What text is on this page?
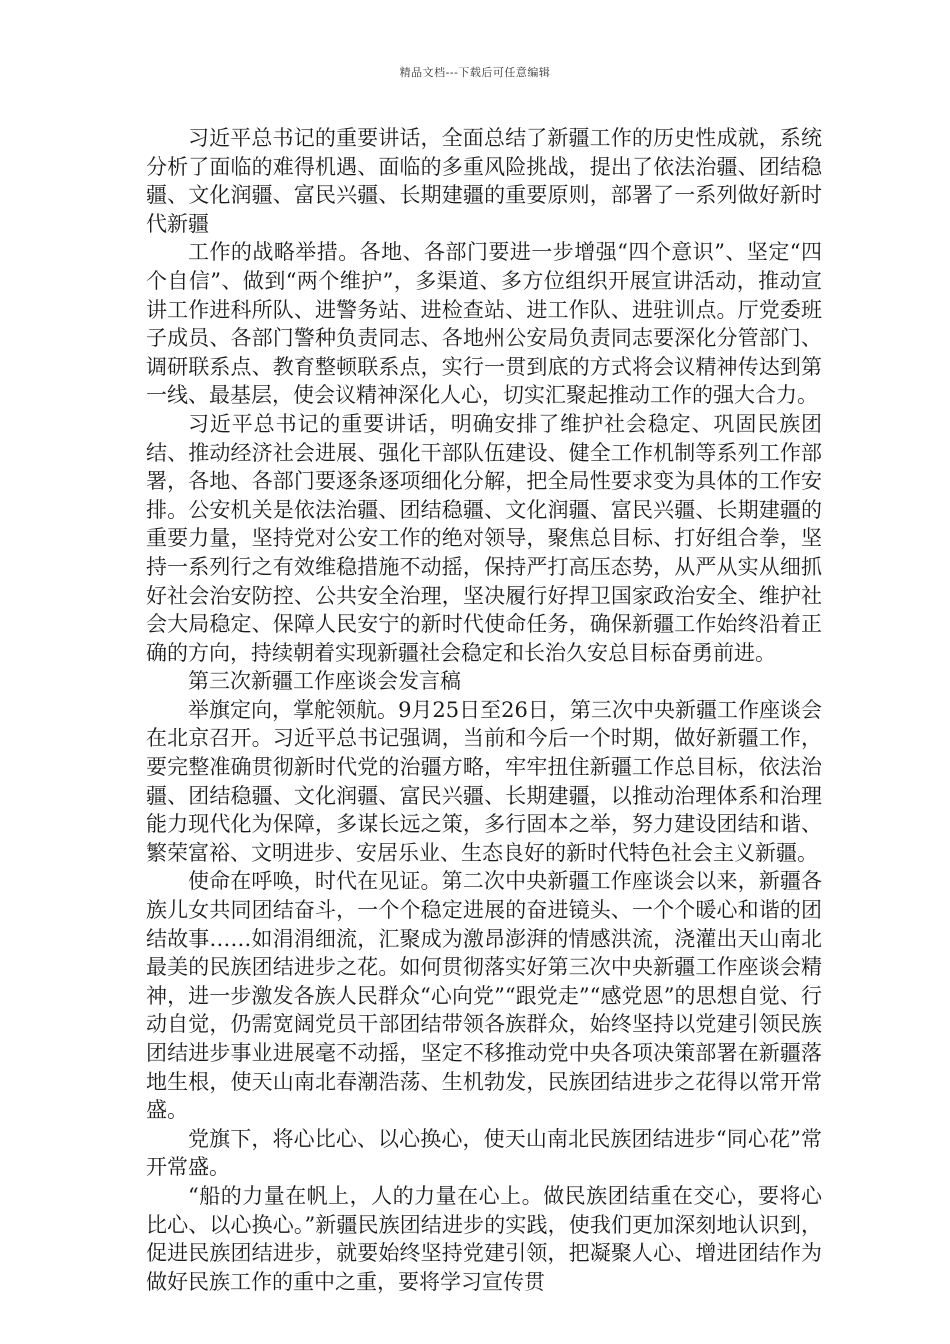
精品文档---下载后可任意编辑

习近平总书记的重要讲话，全面总结了新疆工作的历史性成就，系统分析了面临的难得机遇、面临的多重风险挑战，提出了依法治疆、团结稳疆、文化润疆、富民兴疆、长期建疆的重要原则，部署了一系列做好新时代新疆

工作的战略举措。各地、各部门要进一步增强“四个意识”、坚定“四个自信”、做到“两个维护”，多渠道、多方位组织开展宣讲活动，推动宣讲工作进科所队、进警务站、进检查站、进工作队、进驻训点。厅党委班子成员、各部门警种负责同志、各地州公安局负责同志要深化分管部门、调研联系点、教育整顿联系点，实行一贯到底的方式将会议精神传达到第一线、最基层，使会议精神深化人心，切实汇聚起推动工作的强大合力。

习近平总书记的重要讲话，明确安排了维护社会稳定、巩固民族团结、推动经济社会进展、强化干部队伍建设、健全工作机制等系列工作部署，各地、各部门要逐条逐项细化分解，把全局性要求变为具体的工作安排。公安机关是依法治疆、团结稳疆、文化润疆、富民兴疆、长期建疆的重要力量，坚持党对公安工作的绝对领导，聚焦总目标、打好组合拳，坚持一系列行之有效维稳措施不动摇，保持严打高压态势，从严从实从细抓好社会治安防控、公共安全治理，坚决履行好捍卫国家政治安全、维护社会大局稳定、保障人民安宁的新时代使命任务，确保新疆工作始终沿着正确的方向，持续朝着实现新疆社会稳定和长治久安总目标奋勇前进。

第三次新疆工作座谈会发言稿

举旗定向，掌舵领航。9月25日至26日，第三次中央新疆工作座谈会在北京召开。习近平总书记强调，当前和今后一个时期，做好新疆工作，要完整准确贯彻新时代党的治疆方略，牢牢扭住新疆工作总目标，依法治疆、团结稳疆、文化润疆、富民兴疆、长期建疆，以推动治理体系和治理能力现代化为保障，多谋长远之策，多行固本之举，努力建设团结和谐、繁荣富裕、文明进步、安居乐业、生态良好的新时代特色社会主义新疆。

使命在呼唤，时代在见证。第二次中央新疆工作座谈会以来，新疆各族儿女共同团结奋斗，一个个稳定进展的奋进镜头、一个个暖心和谐的团结故事……如涓涓细流，汇聚成为激昂澎湃的情感洪流，浇灌出天山南北最美的民族团结进步之花。如何贯彻落实好第三次中央新疆工作座谈会精神，进一步激发各族人民群众“心向党”“跟党走”“感党恩”的思想自觉、行动自觉，仍需宽阔党员干部团结带领各族群众，始终坚持以党建引领民族团结进步事业进展毫不动摇，坚定不移推动党中央各项决策部署在新疆落地生根，使天山南北春潮浩荡、生机勃发，民族团结进步之花得以常开常盛。

党旗下，将心比心、以心换心，使天山南北民族团结进步“同心花”常开常盛。

“船的力量在帆上，人的力量在心上。做民族团结重在交心，要将心比心、以心换心。”新疆民族团结进步的实践，使我们更加深刻地认识到，促进民族团结进步，就要始终坚持党建引领，把凝聚人心、增进团结作为做好民族工作的重中之重，要将学习宣传贯
